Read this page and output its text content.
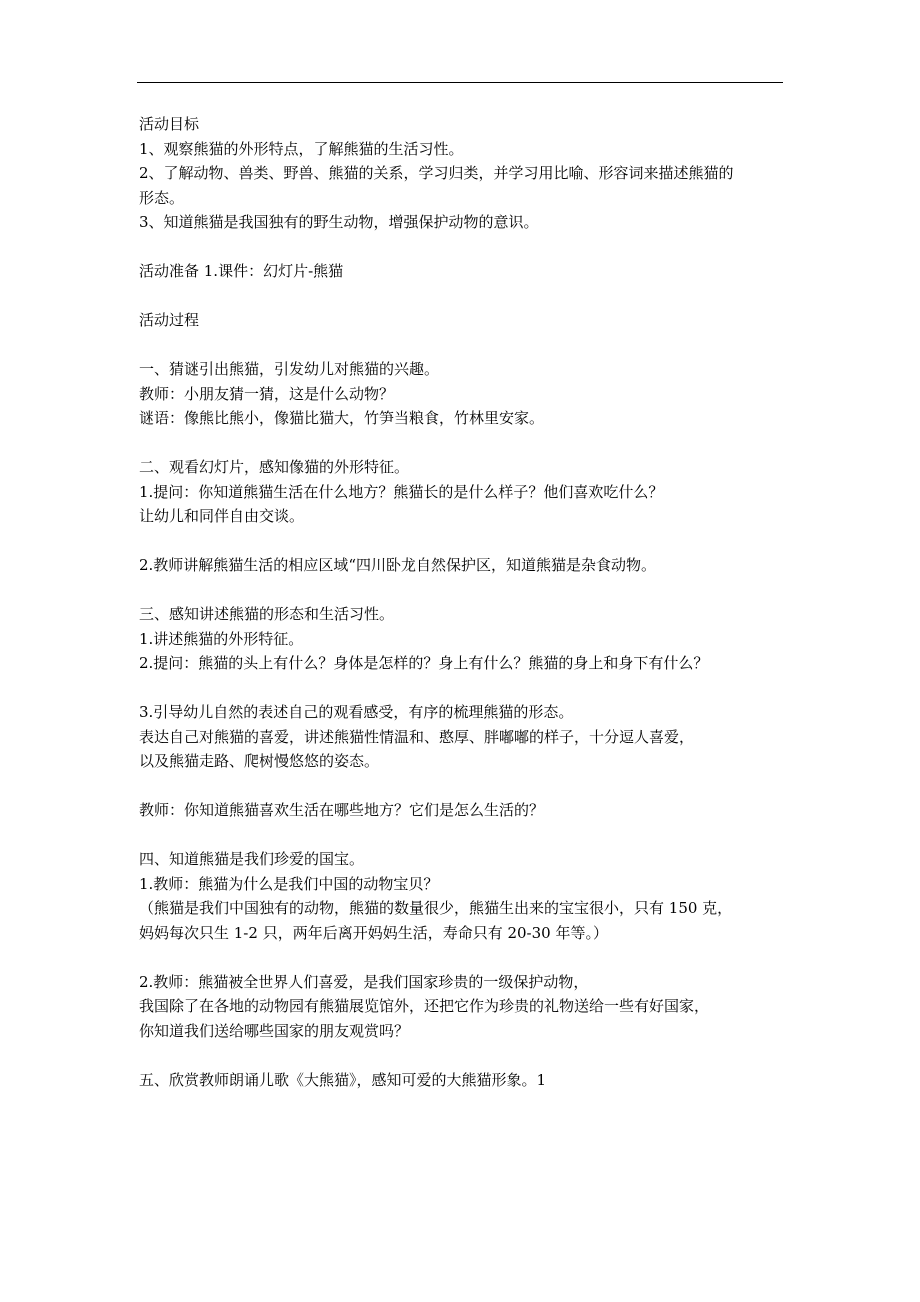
活动目标
1、观察熊猫的外形特点，了解熊猫的生活习性。
2、了解动物、兽类、野兽、熊猫的关系，学习归类，并学习用比喻、形容词来描述熊猫的
形态。
3、知道熊猫是我国独有的野生动物，增强保护动物的意识。
活动准备 1.课件：幻灯片-熊猫
活动过程
一、猜谜引出熊猫，引发幼儿对熊猫的兴趣。
教师：小朋友猜一猜，这是什么动物？
谜语：像熊比熊小，像猫比猫大，竹笋当粮食，竹林里安家。
二、观看幻灯片，感知像猫的外形特征。
1.提问：你知道熊猫生活在什么地方？熊猫长的是什么样子？他们喜欢吃什么？
让幼儿和同伴自由交谈。
2.教师讲解熊猫生活的相应区域“四川卧龙自然保护区，知道熊猫是杂食动物。
三、感知讲述熊猫的形态和生活习性。
1.讲述熊猫的外形特征。
2.提问：熊猫的头上有什么？身体是怎样的？身上有什么？熊猫的身上和身下有什么？
3.引导幼儿自然的表述自己的观看感受，有序的梳理熊猫的形态。
表达自己对熊猫的喜爱，讲述熊猫性情温和、憨厚、胖嘟嘟的样子，十分逗人喜爱，
以及熊猫走路、爬树慢悠悠的姿态。
教师：你知道熊猫喜欢生活在哪些地方？它们是怎么生活的？
四、知道熊猫是我们珍爱的国宝。
1.教师：熊猫为什么是我们中国的动物宝贝？
（熊猫是我们中国独有的动物，熊猫的数量很少，熊猫生出来的宝宝很小，只有 150 克，
妈妈每次只生 1-2 只，两年后离开妈妈生活，寿命只有 20-30 年等。）
2.教师：熊猫被全世界人们喜爱，是我们国家珍贵的一级保护动物，
我国除了在各地的动物园有熊猫展览馆外，还把它作为珍贵的礼物送给一些有好国家，
你知道我们送给哪些国家的朋友观赏吗？
五、欣赏教师朗诵儿歌《大熊猫》，感知可爱的大熊猫形象。1
